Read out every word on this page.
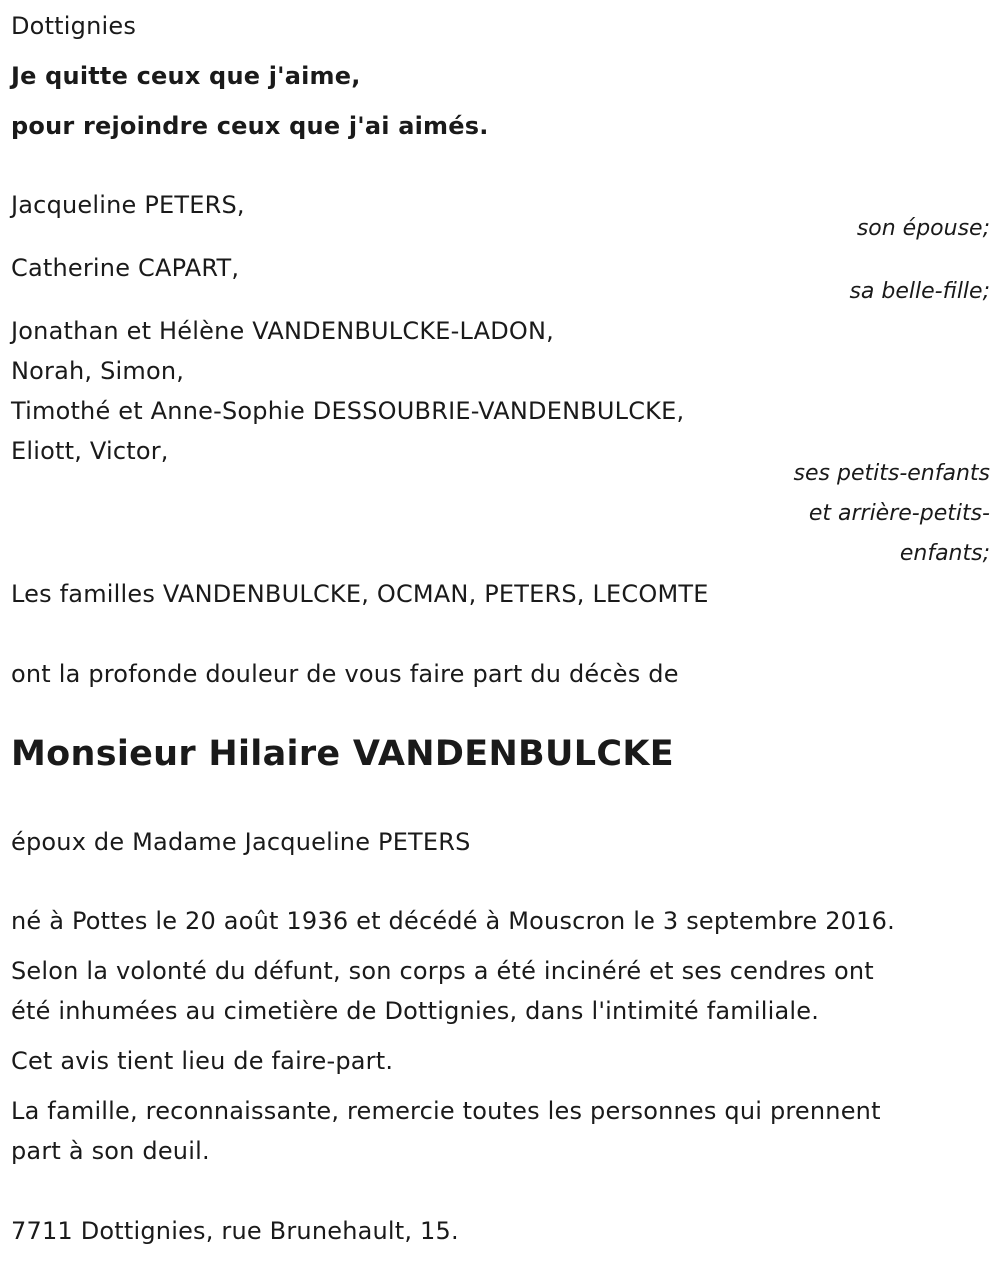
Dottignies
Je quitte ceux que j'aime,
pour rejoindre ceux que j'ai aimés.
Jacqueline PETERS,
son épouse;
Catherine CAPART,
sa belle-fille;
Jonathan et Hélène VANDENBULCKE-LADON,
Norah, Simon,
Timothé et Anne-Sophie DESSOUBRIE-VANDENBULCKE,
Eliott, Victor,
ses petits-enfants
et arrière-petits-
enfants;
Les familles VANDENBULCKE, OCMAN, PETERS, LECOMTE
ont la profonde douleur de vous faire part du décès de
Monsieur Hilaire VANDENBULCKE
époux de Madame Jacqueline PETERS
né à Pottes le 20 août 1936 et décédé à Mouscron le 3 septembre 2016.
Selon la volonté du défunt, son corps a été incinéré et ses cendres ont
été inhumées au cimetière de Dottignies, dans l'intimité familiale.
Cet avis tient lieu de faire-part.
La famille, reconnaissante, remercie toutes les personnes qui prennent
part à son deuil.
7711 Dottignies, rue Brunehault, 15.
